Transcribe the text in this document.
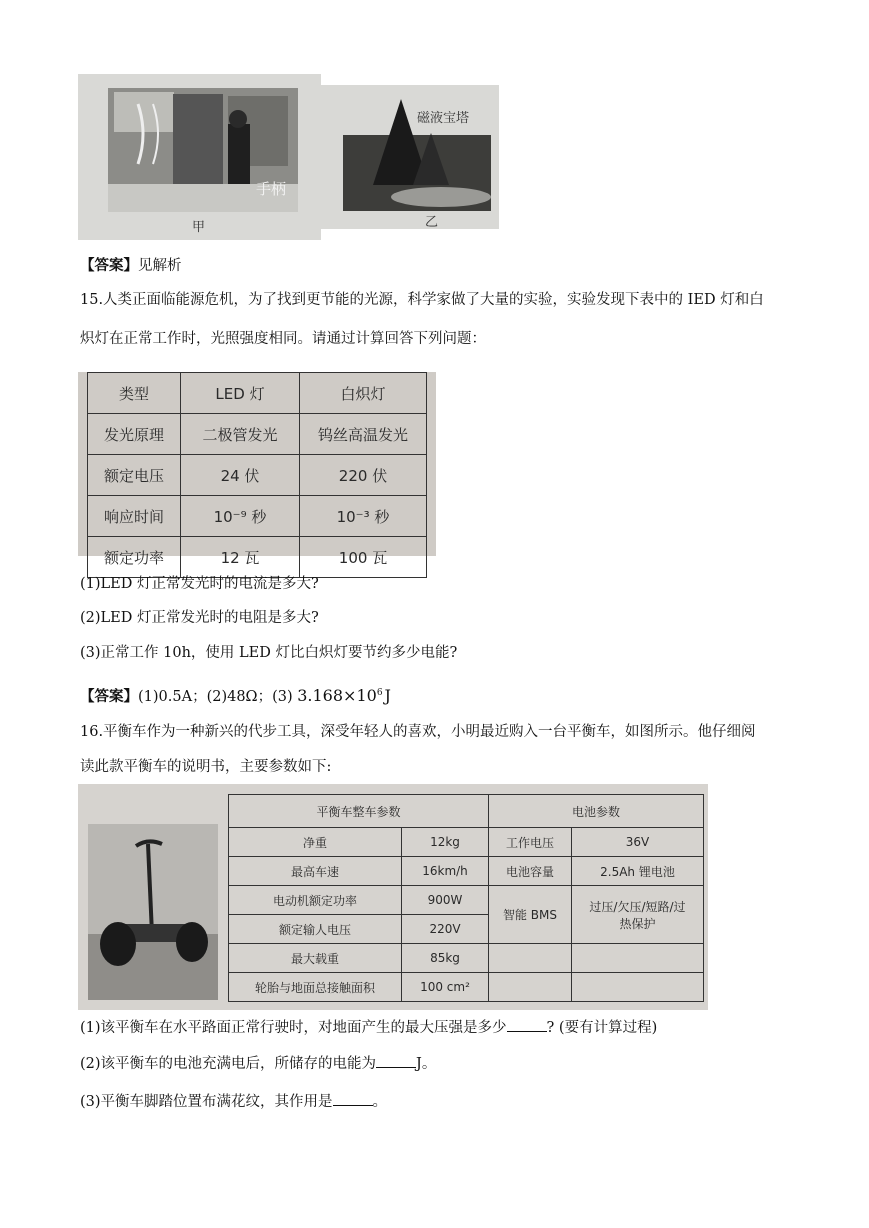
手柄
甲
磁液宝塔
乙
【答案】见解析
15.人类正面临能源危机，为了找到更节能的光源，科学家做了大量的实验，实验发现下表中的 IED 灯和白
炽灯在正常工作时，光照强度相同。请通过计算回答下列问题：
类型	LED 灯	白炽灯
发光原理	二极管发光	钨丝高温发光
额定电压	24 伏	220 伏
响应时间	10⁻⁹ 秒	10⁻³ 秒
额定功率	12 瓦	100 瓦
(1)LED 灯正常发光时的电流是多大?
(2)LED 灯正常发光时的电阻是多大?
(3)正常工作 10h，使用 LED 灯比白炽灯要节约多少电能?
【答案】(1)0.5A；(2)48Ω；(3) $3.168\times 10^6$ J
16.平衡车作为一种新兴的代步工具，深受年轻人的喜欢，小明最近购入一台平衡车，如图所示。他仔细阅
读此款平衡车的说明书，主要参数如下:
平衡车整车参数		电池参数	
净重	12kg	工作电压	36V
最高车速	16km/h	电池容量	2.5Ah 锂电池
电动机额定功率	900W	智能 BMS	过压/欠压/短路/过热保护
额定输人电压	220V		
最大载重	85kg		
轮胎与地面总接触面积	100 cm²		
(1)该平衡车在水平路面正常行驶时，对地面产生的最大压强是多少	? (要有计算过程)
(2)该平衡车的电池充满电后，所储存的电能为	J。
(3)平衡车脚踏位置布满花纹，其作用是	。
